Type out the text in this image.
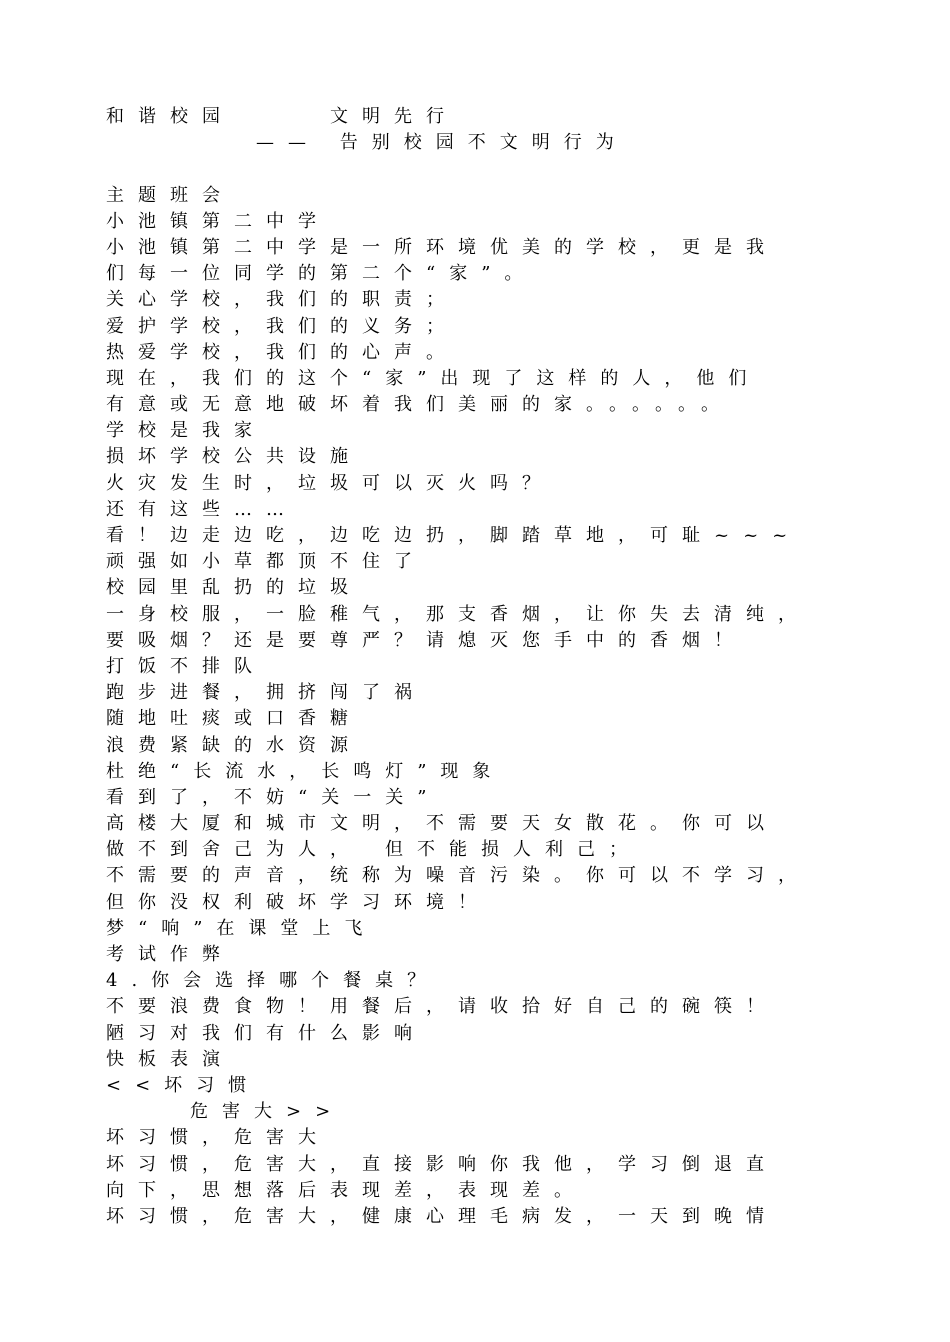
和谐校园　　　文明先行
—— 告别校园不文明行为
主题班会
小池镇第二中学
小池镇第二中学是一所环境优美的学校，更是我
们每一位同学的第二个“家”。
关心学校，我们的职责；
爱护学校，我们的义务；
热爱学校，我们的心声。
现在，我们的这个“家”出现了这样的人，他们
有意或无意地破坏着我们美丽的家。。。。。。
学校是我家
损坏学校公共设施
火灾发生时，垃圾可以灭火吗？
还有这些……
看！边走边吃，边吃边扔，脚踏草地，可耻~~~
顽强如小草都顶不住了
校园里乱扔的垃圾
一身校服，一脸稚气，那支香烟，让你失去清纯，
要吸烟？还是要尊严？请熄灭您手中的香烟！
打饭不排队
跑步进餐，拥挤闯了祸
随地吐痰或口香糖
浪费紧缺的水资源
杜绝“长流水，长鸣灯”现象
看到了，不妨“关一关”
高楼大厦和城市文明，不需要天女散花。你可以
做不到舍己为人，　但不能损人利己；
不需要的声音，统称为噪音污染。你可以不学习，
但你没权利破坏学习环境！
梦“响”在课堂上飞
考试作弊
4.你会选择哪个餐桌？
不要浪费食物！用餐后，请收拾好自己的碗筷！
陋习对我们有什么影响
快板表演
<<坏习惯
危害大>>
坏习惯，危害大
坏习惯，危害大，直接影响你我他，学习倒退直
向下，思想落后表现差，表现差。
坏习惯，危害大，健康心理毛病发，一天到晚情
